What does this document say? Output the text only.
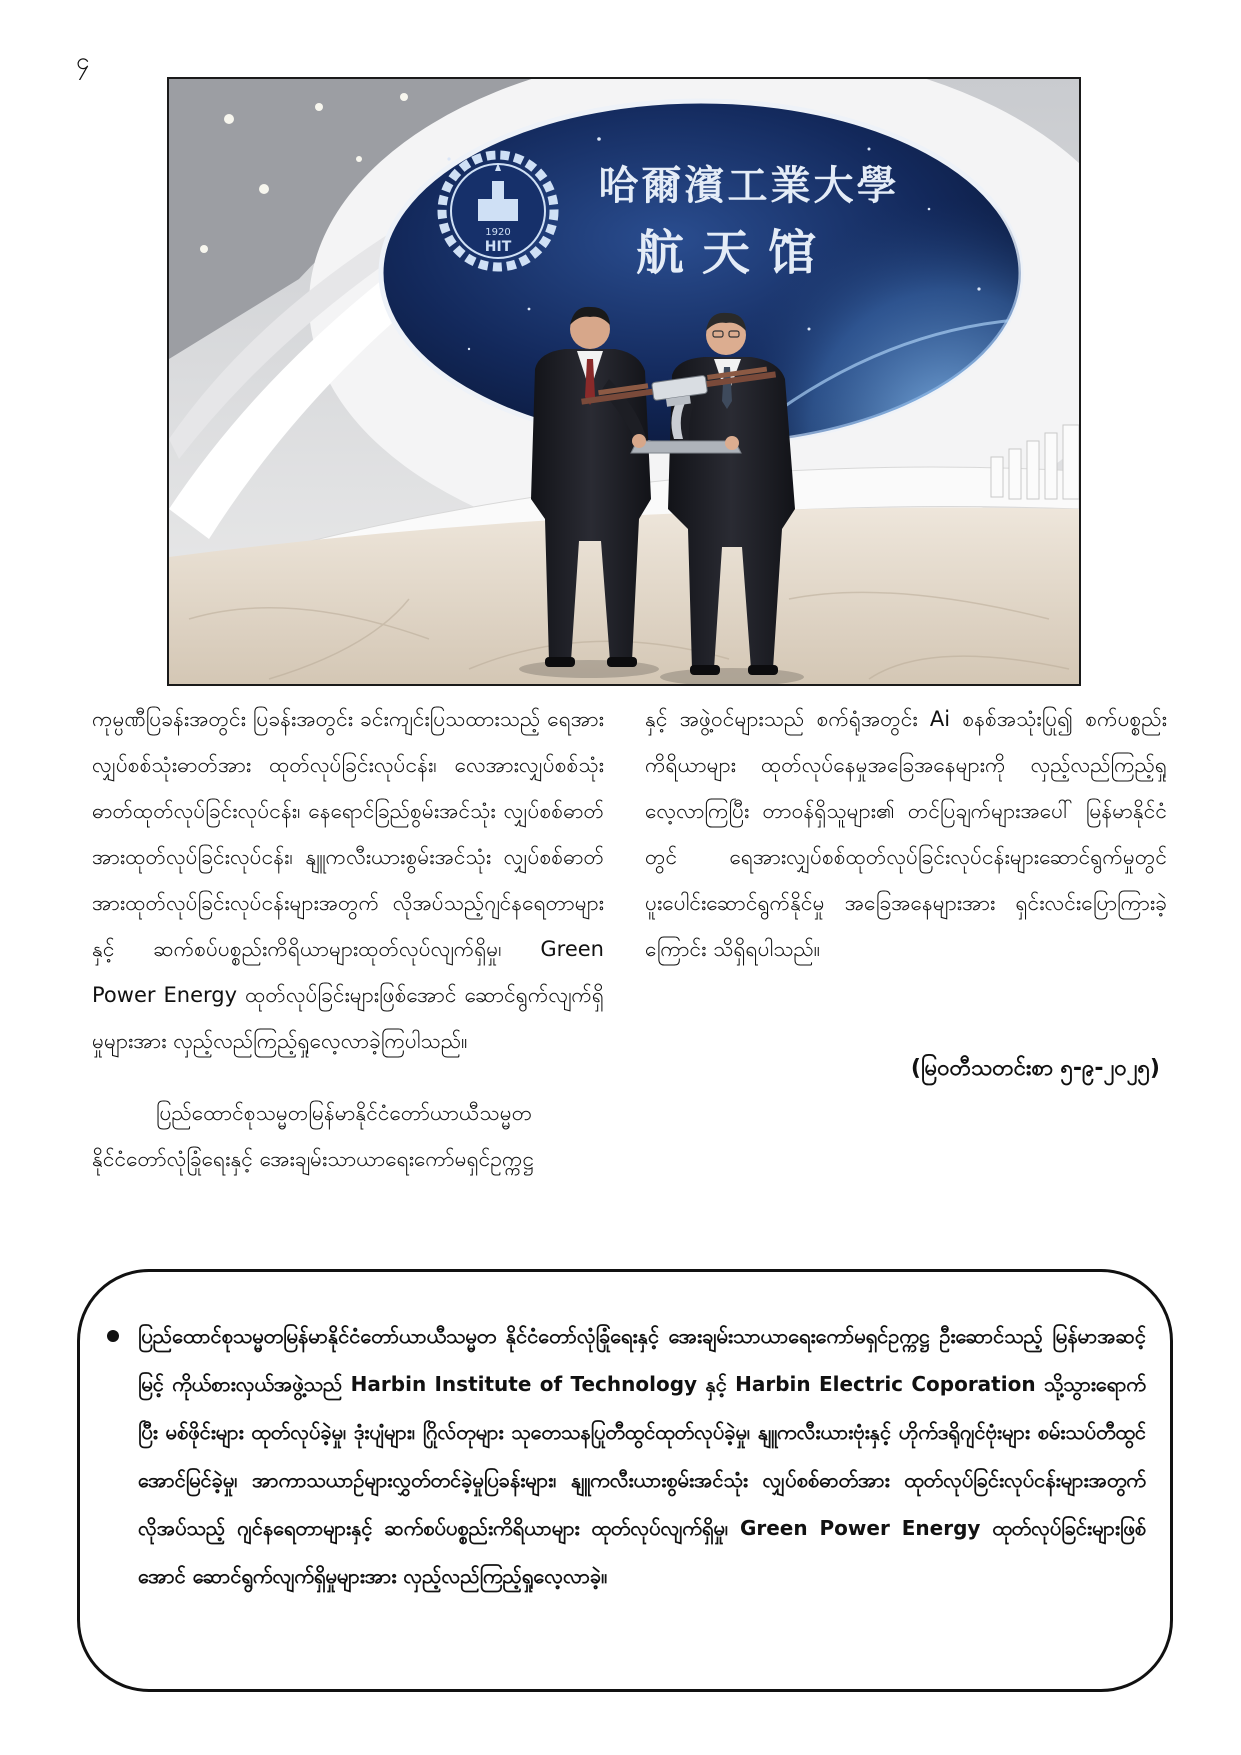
၄
1920
HIT
哈爾濱工業大學
航天馆

ကုမ္ပဏီပြခန်းအတွင်း ပြခန်းအတွင်း ခင်းကျင်းပြသထားသည့် ရေအားလျှပ်စစ်သုံးဓာတ်အား ထုတ်လုပ်ခြင်းလုပ်ငန်း၊ လေအားလျှပ်စစ်သုံးဓာတ်ထုတ်လုပ်ခြင်းလုပ်ငန်း၊ နေရောင်ခြည်စွမ်းအင်သုံး လျှပ်စစ်ဓာတ်အားထုတ်လုပ်ခြင်းလုပ်ငန်း၊ နျူကလီးယားစွမ်းအင်သုံး လျှပ်စစ်ဓာတ်အားထုတ်လုပ်ခြင်းလုပ်ငန်းများအတွက် လိုအပ်သည့်ဂျင်နရေတာများနှင့် ဆက်စပ်ပစ္စည်းကိရိယာများထုတ်လုပ်လျက်ရှိမှု၊ Green Power Energy ထုတ်လုပ်ခြင်းများဖြစ်အောင် ဆောင်ရွက်လျက်ရှိမှုများအား လှည့်လည်ကြည့်ရှုလေ့လာခဲ့ကြပါသည်။

ပြည်ထောင်စုသမ္မတမြန်မာနိုင်ငံတော်ယာယီသမ္မတ နိုင်ငံတော်လုံခြုံရေးနှင့် အေးချမ်းသာယာရေးကော်မရှင်ဥက္ကဋ္ဌ

နှင့် အဖွဲ့ဝင်များသည် စက်ရုံအတွင်း Ai စနစ်အသုံးပြု၍ စက်ပစ္စည်းကိရိယာများ ထုတ်လုပ်နေမှုအခြေအနေများကို လှည့်လည်ကြည့်ရှုလေ့လာကြပြီး တာဝန်ရှိသူများ၏ တင်ပြချက်များအပေါ် မြန်မာနိုင်ငံတွင် ရေအားလျှပ်စစ်ထုတ်လုပ်ခြင်းလုပ်ငန်းများဆောင်ရွက်မှုတွင် ပူးပေါင်းဆောင်ရွက်နိုင်မှု အခြေအနေများအား ရှင်းလင်းပြောကြားခဲ့ကြောင်း သိရှိရပါသည်။

(မြဝတီသတင်းစာ ၅-၉-၂၀၂၅)

ပြည်ထောင်စုသမ္မတမြန်မာနိုင်ငံတော်ယာယီသမ္မတ နိုင်ငံတော်လုံခြုံရေးနှင့် အေးချမ်းသာယာရေးကော်မရှင်ဥက္ကဋ္ဌ ဦးဆောင်သည့် မြန်မာအဆင့်မြင့် ကိုယ်စားလှယ်အဖွဲ့သည် Harbin Institute of Technology နှင့် Harbin Electric Coporation သို့သွားရောက်ပြီး မစ်ဖိုင်းများ ထုတ်လုပ်ခဲ့မှု၊ ဒုံးပျံများ၊ ဂြိုလ်တုများ သုတေသနပြုတီထွင်ထုတ်လုပ်ခဲ့မှု၊ နျူကလီးယားဗုံးနှင့် ဟိုက်ဒရိုဂျင်ဗုံးများ စမ်းသပ်တီထွင်အောင်မြင်ခဲ့မှု၊ အာကာသယာဉ်များလွှတ်တင်ခဲ့မှုပြခန်းများ၊ နျူကလီးယားစွမ်းအင်သုံး လျှပ်စစ်ဓာတ်အား ထုတ်လုပ်ခြင်းလုပ်ငန်းများအတွက် လိုအပ်သည့် ဂျင်နရေတာများနှင့် ဆက်စပ်ပစ္စည်းကိရိယာများ ထုတ်လုပ်လျက်ရှိမှု၊ Green Power Energy ထုတ်လုပ်ခြင်းများဖြစ်အောင် ဆောင်ရွက်လျက်ရှိမှုများအား လှည့်လည်ကြည့်ရှုလေ့လာခဲ့။
